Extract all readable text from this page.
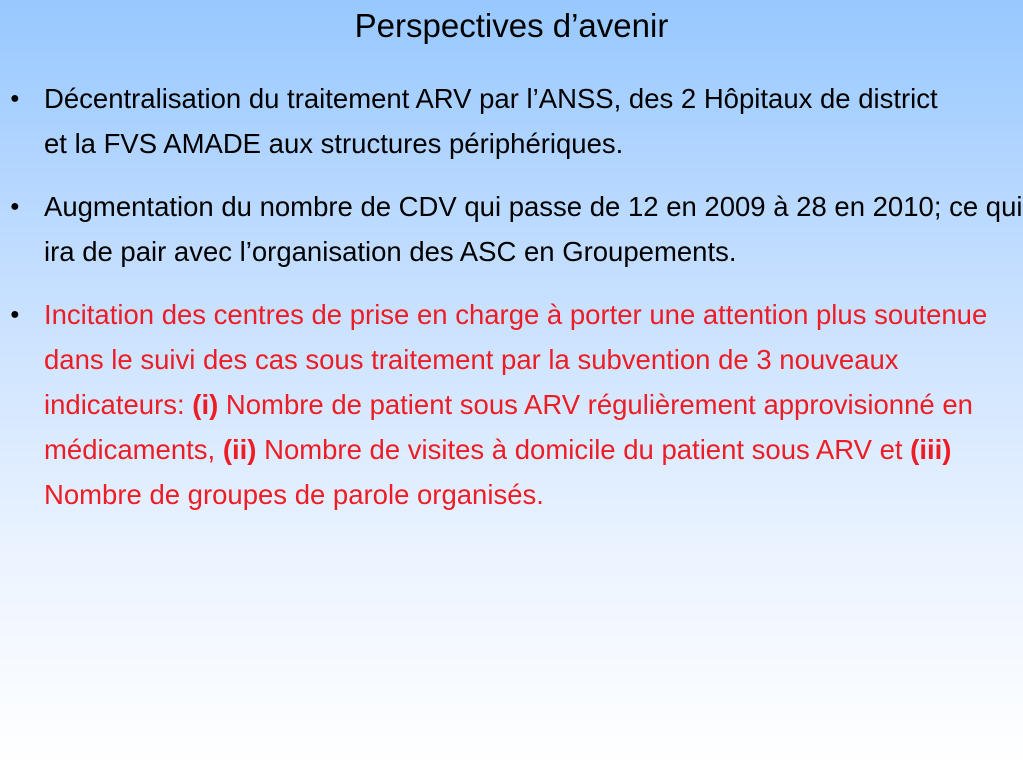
Perspectives d’avenir
● Décentralisation du traitement ARV par l’ANSS, des 2 Hôpitaux de district et la FVS AMADE aux structures périphériques.
● Augmentation du nombre de CDV qui passe de 12 en 2009 à 28 en 2010; ce qui ira de pair avec l’organisation des ASC en Groupements.
● Incitation des centres de prise en charge à porter une attention plus soutenue dans le suivi des cas sous traitement par la subvention de 3 nouveaux indicateurs: (i) Nombre de patient sous ARV régulièrement approvisionné en médicaments, (ii) Nombre de visites à domicile du patient sous ARV et (iii) Nombre de groupes de parole organisés.
